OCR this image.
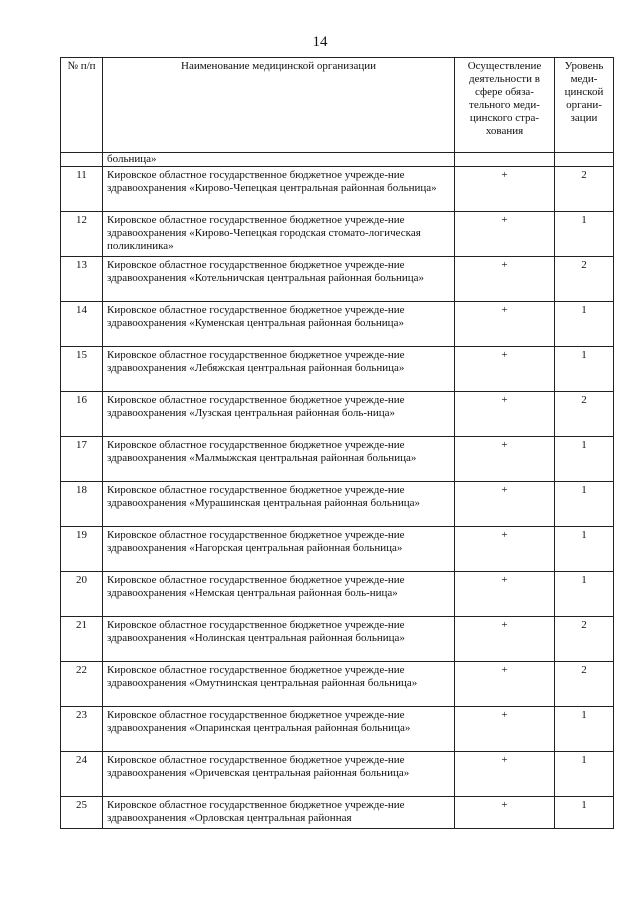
14
№ п/п	Наименование медицинской организации	Осуществление деятельности в сфере обяза-тельного меди-цинского стра-хования	Уровень меди-цинской органи-зации
	больница»		
11	Кировское областное государственное бюджетное учрежде-ние здравоохранения «Кирово-Чепецкая центральная районная больница»	+	2
12	Кировское областное государственное бюджетное учрежде-ние здравоохранения «Кирово-Чепецкая городская стомато-логическая поликлиника»	+	1
13	Кировское областное государственное бюджетное учрежде-ние здравоохранения «Котельничская центральная районная больница»	+	2
14	Кировское областное государственное бюджетное учрежде-ние здравоохранения «Куменская центральная районная больница»	+	1
15	Кировское областное государственное бюджетное учрежде-ние здравоохранения «Лебяжская центральная районная больница»	+	1
16	Кировское областное государственное бюджетное учрежде-ние здравоохранения «Лузская центральная районная боль-ница»	+	2
17	Кировское областное государственное бюджетное учрежде-ние здравоохранения «Малмыжская центральная районная больница»	+	1
18	Кировское областное государственное бюджетное учрежде-ние здравоохранения «Мурашинская центральная районная больница»	+	1
19	Кировское областное государственное бюджетное учрежде-ние здравоохранения «Нагорская центральная районная больница»	+	1
20	Кировское областное государственное бюджетное учрежде-ние здравоохранения «Немская центральная районная боль-ница»	+	1
21	Кировское областное государственное бюджетное учрежде-ние здравоохранения «Нолинская центральная районная больница»	+	2
22	Кировское областное государственное бюджетное учрежде-ние здравоохранения «Омутнинская центральная районная больница»	+	2
23	Кировское областное государственное бюджетное учрежде-ние здравоохранения «Опаринская центральная районная больница»	+	1
24	Кировское областное государственное бюджетное учрежде-ние здравоохранения «Оричевская центральная районная больница»	+	1
25	Кировское областное государственное бюджетное учрежде-ние здравоохранения «Орловская центральная районная	+	1
